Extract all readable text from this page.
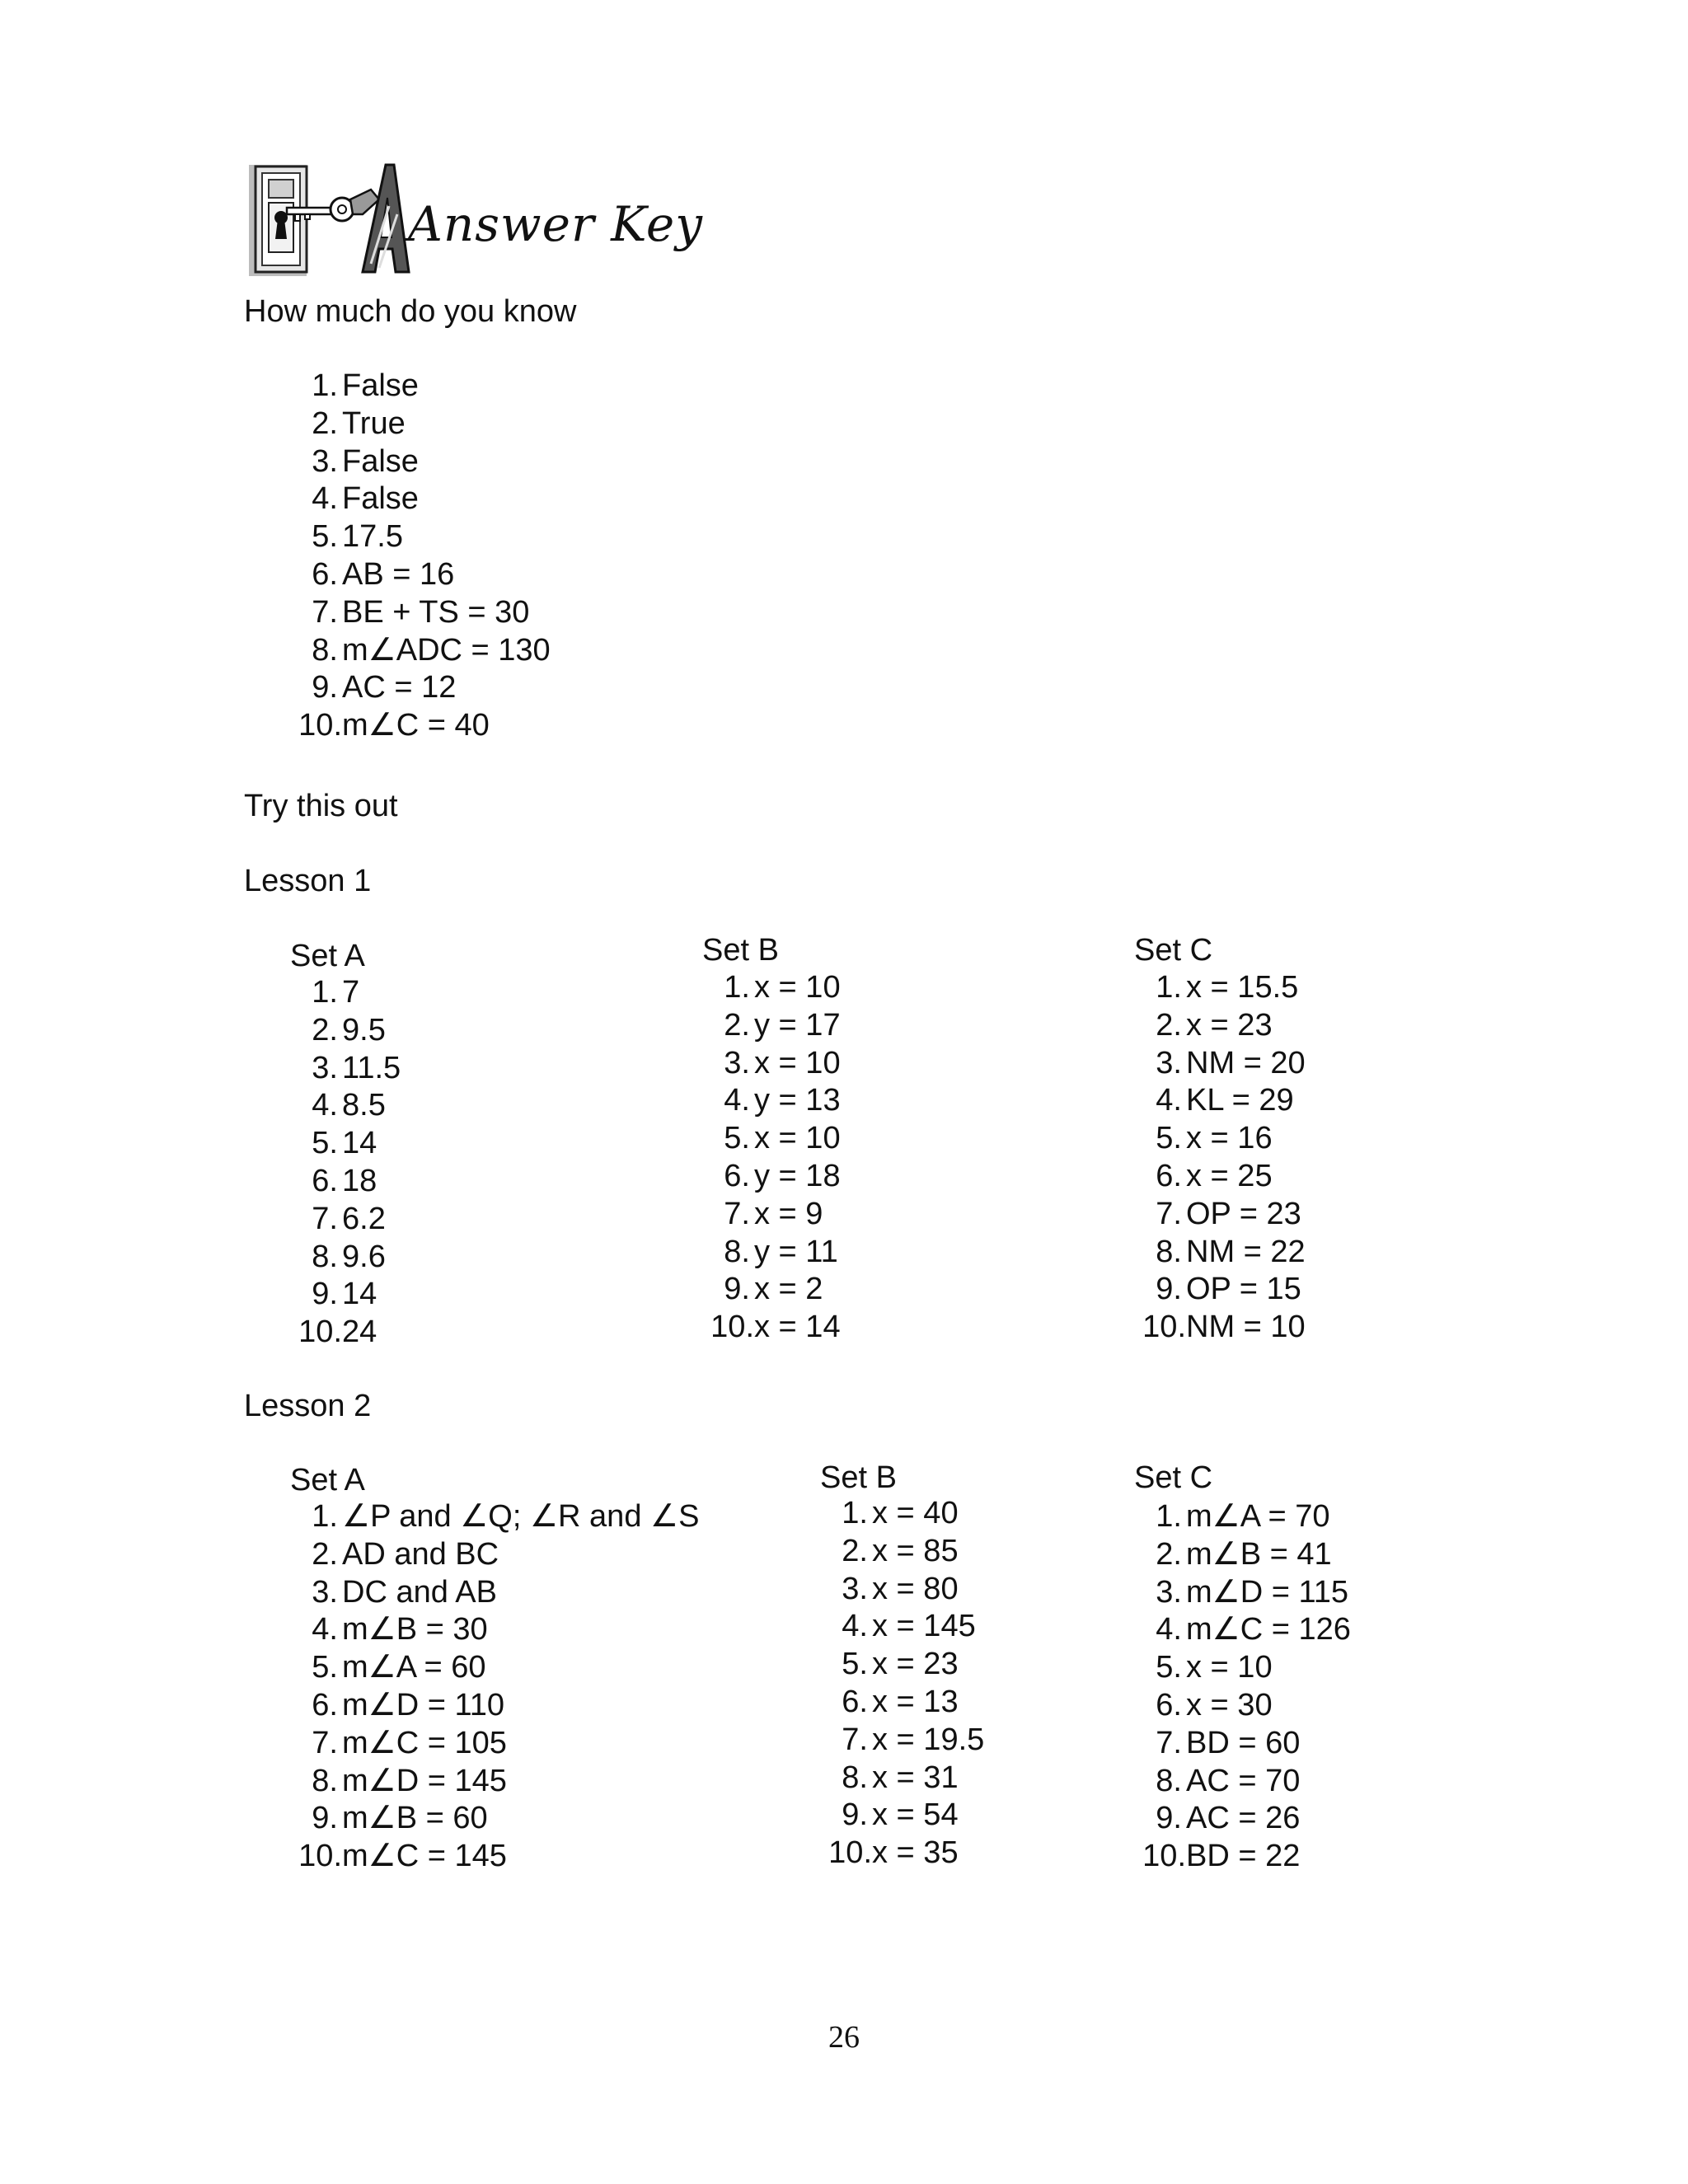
Answer Key
How much do you know
1. False
2. True
3. False
4. False
5. 17.5
6. AB = 16
7. BE + TS = 30
8. m∠ADC = 130
9. AC = 12
10.m∠C = 40
Try this out
Lesson 1
Set A
1. 7
2. 9.5
3. 11.5
4. 8.5
5. 14
6. 18
7. 6.2
8. 9.6
9. 14
10.24
Set B
1. x = 10
2. y = 17
3. x = 10
4. y = 13
5. x = 10
6. y = 18
7. x = 9
8. y = 11
9. x = 2
10.x = 14
Set C
1. x = 15.5
2. x = 23
3. NM = 20
4. KL = 29
5. x = 16
6. x = 25
7. OP = 23
8. NM = 22
9. OP = 15
10.NM = 10
Lesson 2
Set A
1. ∠P and ∠Q; ∠R and ∠S
2. AD and BC
3. DC and AB
4. m∠B = 30
5. m∠A = 60
6. m∠D = 110
7. m∠C = 105
8. m∠D = 145
9. m∠B = 60
10.m∠C = 145
Set B
1. x = 40
2. x = 85
3. x = 80
4. x = 145
5. x = 23
6. x = 13
7. x = 19.5
8. x = 31
9. x = 54
10.x = 35
Set C
1. m∠A = 70
2. m∠B = 41
3. m∠D = 115
4. m∠C = 126
5. x = 10
6. x = 30
7. BD = 60
8. AC = 70
9. AC = 26
10.BD = 22
26
